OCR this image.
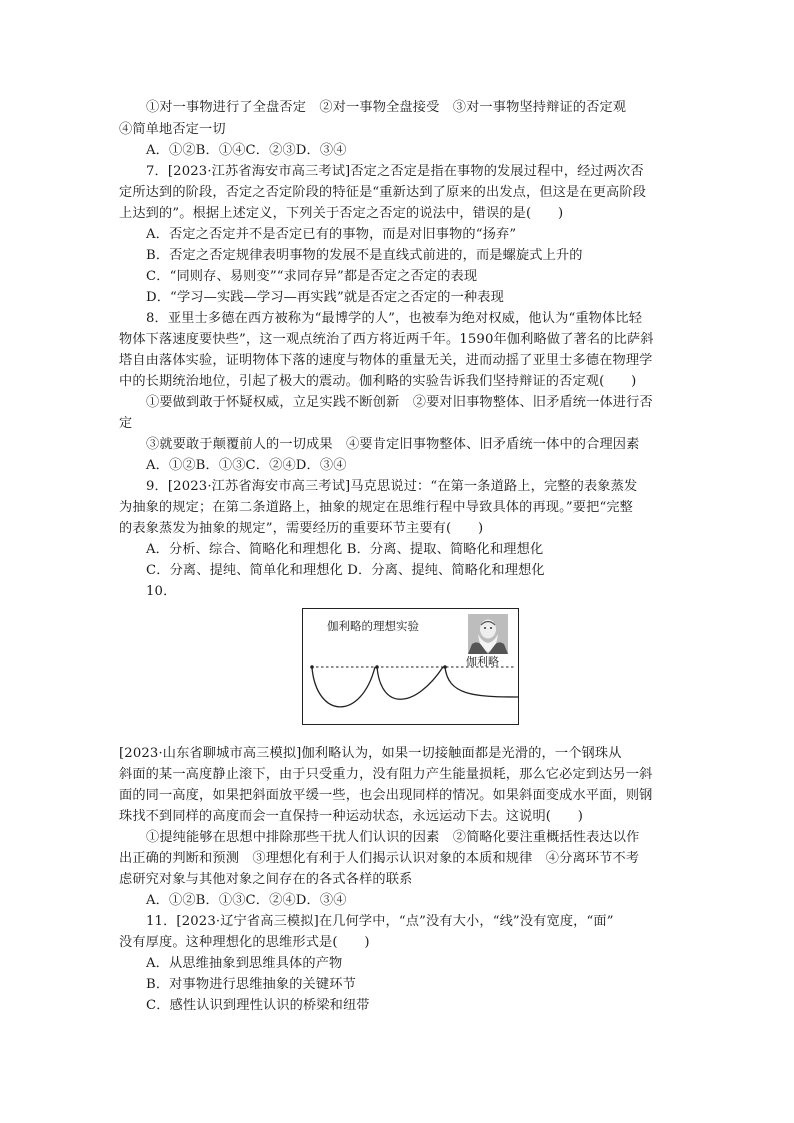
①对一事物进行了全盘否定　②对一事物全盘接受　③对一事物坚持辩证的否定观
④简单地否定一切
A．①②B．①④C．②③D．③④
7．[2023·江苏省海安市高三考试]否定之否定是指在事物的发展过程中，经过两次否
定所达到的阶段，否定之否定阶段的特征是“重新达到了原来的出发点，但这是在更高阶段
上达到的”。根据上述定义，下列关于否定之否定的说法中，错误的是(　　)
A．否定之否定并不是否定已有的事物，而是对旧事物的“扬弃”
B．否定之否定规律表明事物的发展不是直线式前进的，而是螺旋式上升的
C．“同则存、易则变”“求同存异”都是否定之否定的表现
D．“学习—实践—学习—再实践”就是否定之否定的一种表现
8．亚里士多德在西方被称为“最博学的人”，也被奉为绝对权威，他认为“重物体比轻
物体下落速度要快些”，这一观点统治了西方将近两千年。1590年伽利略做了著名的比萨斜
塔自由落体实验，证明物体下落的速度与物体的重量无关，进而动摇了亚里士多德在物理学
中的长期统治地位，引起了极大的震动。伽利略的实验告诉我们坚持辩证的否定观(　　)
①要做到敢于怀疑权威，立足实践不断创新　②要对旧事物整体、旧矛盾统一体进行否
定
③就要敢于颠覆前人的一切成果　④要肯定旧事物整体、旧矛盾统一体中的合理因素
A．①②B．①③C．②④D．③④
9．[2023·江苏省海安市高三考试]马克思说过：“在第一条道路上，完整的表象蒸发
为抽象的规定；在第二条道路上，抽象的规定在思维行程中导致具体的再现。”要把“完整
的表象蒸发为抽象的规定”，需要经历的重要环节主要有(　　)
A．分析、综合、简略化和理想化 B．分离、提取、简略化和理想化
C．分离、提纯、简单化和理想化 D．分离、提纯、简略化和理想化
10．
伽利略的理想实验
伽利略
[2023·山东省聊城市高三模拟]伽利略认为，如果一切接触面都是光滑的，一个钢珠从
斜面的某一高度静止滚下，由于只受重力，没有阻力产生能量损耗，那么它必定到达另一斜
面的同一高度，如果把斜面放平缓一些，也会出现同样的情况。如果斜面变成水平面，则钢
珠找不到同样的高度而会一直保持一种运动状态，永远运动下去。这说明(　　)
①提纯能够在思想中排除那些干扰人们认识的因素　②简略化要注重概括性表达以作
出正确的判断和预测　③理想化有利于人们揭示认识对象的本质和规律　④分离环节不考
虑研究对象与其他对象之间存在的各式各样的联系
A．①②B．①③C．②④D．③④
11．[2023·辽宁省高三模拟]在几何学中，“点”没有大小，“线”没有宽度，“面”
没有厚度。这种理想化的思维形式是(　　)
A．从思维抽象到思维具体的产物
B．对事物进行思维抽象的关键环节
C．感性认识到理性认识的桥梁和纽带
